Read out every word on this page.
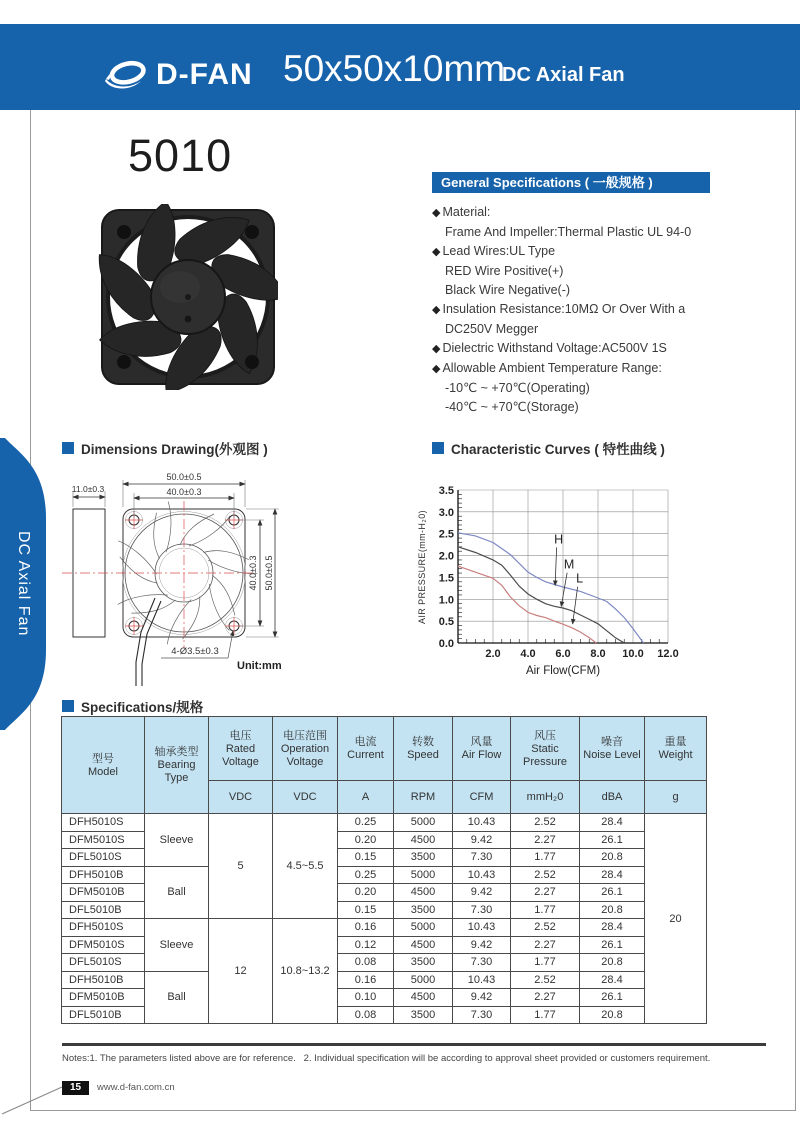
D-FAN 50x50x10mm
DC Axial Fan
DC Axial Fan
5010
General Specifications ( 一般规格 )
◆ Material:
Frame And Impeller:Thermal Plastic UL 94-0
◆ Lead Wires:UL Type
RED Wire Positive(+)
Black Wire Negative(-)
◆ Insulation Resistance:10MΩ Or Over With a
DC250V Megger
◆ Dielectric Withstand Voltage:AC500V 1S
◆ Allowable Ambient Temperature Range:
-10℃ ~ +70℃(Operating)
-40℃ ~ +70℃(Storage)
Dimensions Drawing(外观图 )	Characteristic Curves ( 特性曲线 )
Specifications/规格
50.0±0.5
40.0±0.3
11.0±0.3
40.0±0.3 50.0±0.5
4-Ø3.5±0.3
Unit:mm
AIR PRESSURE(mm-H₂0)
Air Flow(CFM)
2.0 4.0 6.0 8.0 10.0 12.0
0.0
0.5
1.0
1.5
2.0
2.5
3.0
3.5
H
M
L
型号
Model

轴承类型
Bearing Type

电压
Rated Voltage

电压范围
Operation Voltage

电流
Current

转数
Speed

风量
Air Flow

风压
Static Pressure

噪音
Noise Level

重量
Weight

		VDC	VDC	A	RPM	CFM	mmH₂0	dBA	g
DFH5010S	Sleeve	5	4.5~5.5	0.25	5000	10.43	2.52	28.4	20
DFM5010S				0.20	4500	9.42	2.27	26.1	
DFL5010S				0.15	3500	7.30	1.77	20.8	
DFH5010B	Ball			0.25	5000	10.43	2.52	28.4	
DFM5010B				0.20	4500	9.42	2.27	26.1	
DFL5010B				0.15	3500	7.30	1.77	20.8	
DFH5010S	Sleeve	12	10.8~13.2	0.16	5000	10.43	2.52	28.4	
DFM5010S				0.12	4500	9.42	2.27	26.1	
DFL5010S				0.08	3500	7.30	1.77	20.8	
DFH5010B	Ball			0.16	5000	10.43	2.52	28.4	
DFM5010B				0.10	4500	9.42	2.27	26.1	
DFL5010B				0.08	3500	7.30	1.77	20.8	
Notes:1. The parameters listed above are for reference.   2. Individual specification will be according to approval sheet provided or customers requirement.
15	www.d-fan.com.cn
